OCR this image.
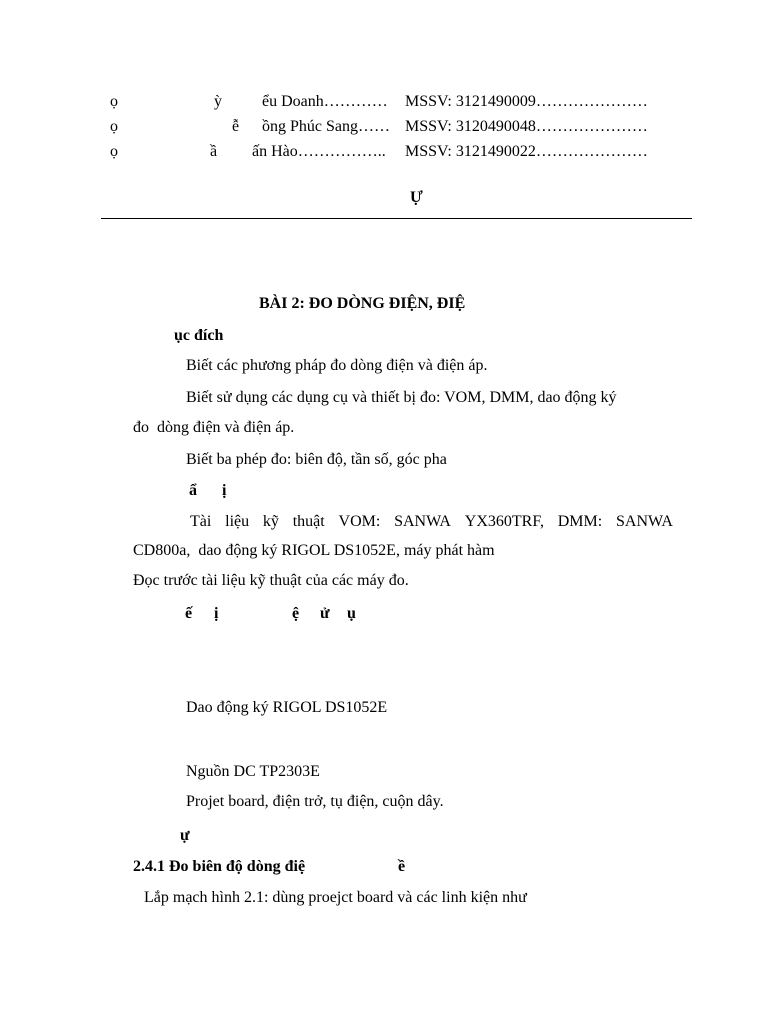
ọ	ỳ	ểu Doanh………… MSSV: 3121490009…………………
ọ	ễ ồng Phúc Sang…… MSSV: 3120490048…………………
ọ	ầ ấn Hào…………….. MSSV: 3121490022…………………
Ự
BÀI 2: ĐO DÒNG ĐIỆN, ĐIỆ
ục đích
Biết các phương pháp đo dòng điện và điện áp.
Biết sử dụng các dụng cụ và thiết bị đo: VOM, DMM, dao động ký
đo  dòng điện và điện áp.
Biết ba phép đo: biên độ, tần số, góc pha
ẩ ị
Tài liệu kỹ thuật VOM: SANWA YX360TRF, DMM: SANWA
CD800a,  dao động ký RIGOL DS1052E, máy phát hàm
Đọc trước tài liệu kỹ thuật của các máy đo.
ế ị	ệ ử ụ
Dao động ký RIGOL DS1052E
Nguồn DC TP2303E
Projet board, điện trở, tụ điện, cuộn dây.
ự
2.4.1 Đo biên độ dòng điệ	ề
Lắp mạch hình 2.1: dùng proejct board và các linh kiện như
